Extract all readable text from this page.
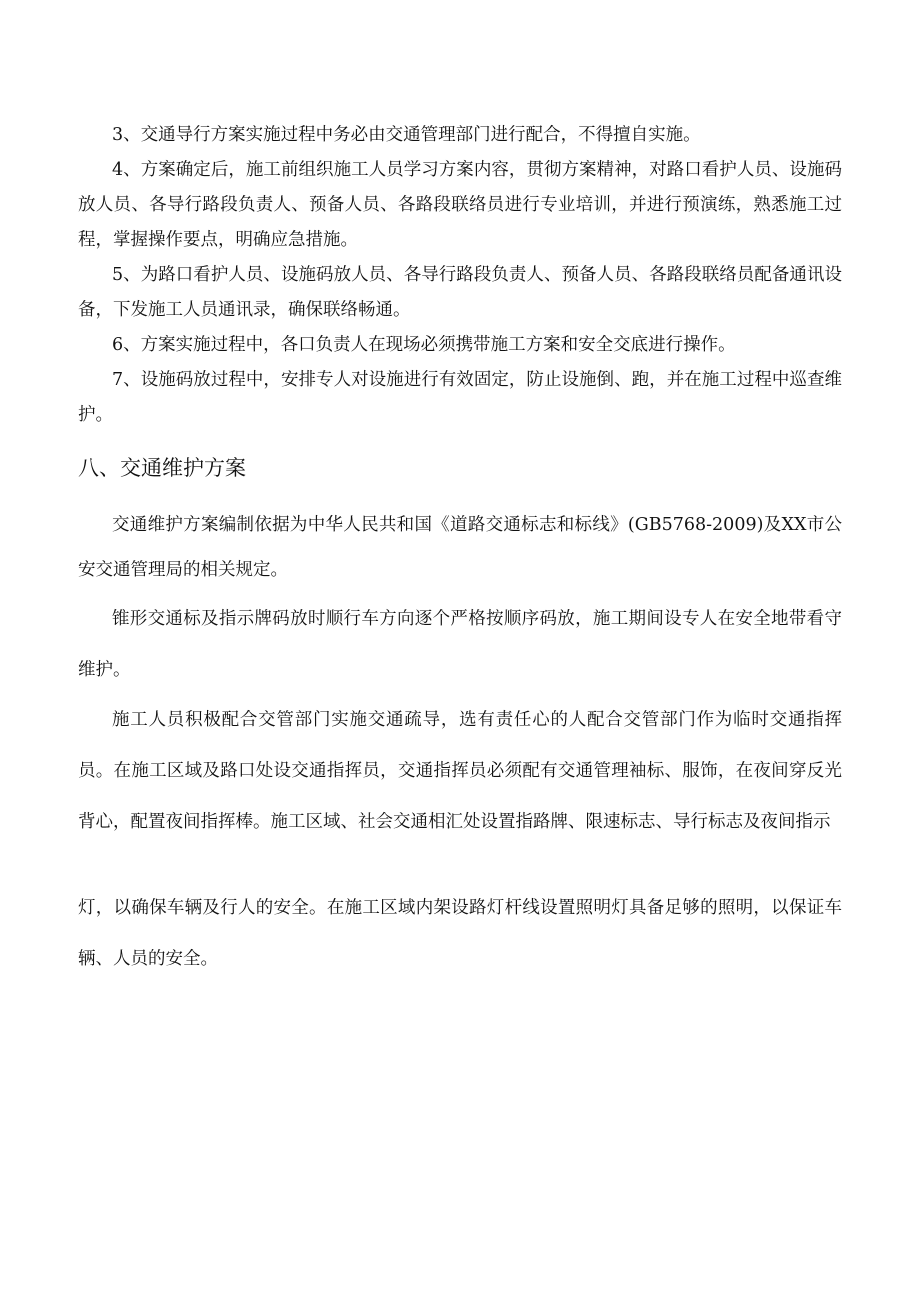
3、交通导行方案实施过程中务必由交通管理部门进行配合，不得擅自实施。

4、方案确定后，施工前组织施工人员学习方案内容，贯彻方案精神，对路口看护人员、设施码放人员、各导行路段负责人、预备人员、各路段联络员进行专业培训，并进行预演练，熟悉施工过程，掌握操作要点，明确应急措施。

5、为路口看护人员、设施码放人员、各导行路段负责人、预备人员、各路段联络员配备通讯设备，下发施工人员通讯录，确保联络畅通。

6、方案实施过程中，各口负责人在现场必须携带施工方案和安全交底进行操作。

7、设施码放过程中，安排专人对设施进行有效固定，防止设施倒、跑，并在施工过程中巡查维护。

八、交通维护方案

交通维护方案编制依据为中华人民共和国《道路交通标志和标线》(GB5768-2009)及XX市公安交通管理局的相关规定。

锥形交通标及指示牌码放时顺行车方向逐个严格按顺序码放，施工期间设专人在安全地带看守维护。

施工人员积极配合交管部门实施交通疏导，选有责任心的人配合交管部门作为临时交通指挥员。在施工区域及路口处设交通指挥员，交通指挥员必须配有交通管理袖标、服饰，在夜间穿反光背心，配置夜间指挥棒。施工区域、社会交通相汇处设置指路牌、限速标志、导行标志及夜间指示

灯，以确保车辆及行人的安全。在施工区域内架设路灯杆线设置照明灯具备足够的照明，以保证车辆、人员的安全。
